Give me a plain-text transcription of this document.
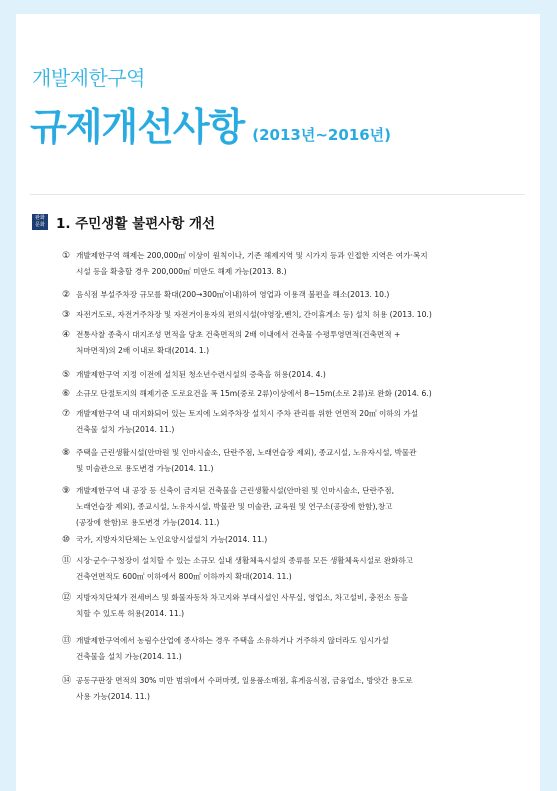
개발제한구역
규제개선사항 (2013년~2016년)
완화
문화 1. 주민생활 불편사항 개선
① 개발제한구역 해제는 200,000㎡ 이상이 원칙이나, 기존 해제지역 및 시가지 등과 인접한 지역은 여가·복지
시설 등을 확충할 경우 200,000㎡ 미만도 해제 가능(2013. 8.)
② 음식점 부설주차장 규모를 확대(200→300㎡이내)하여 영업과 이용객 불편을 해소(2013. 10.)
③ 자전거도로, 자전거주차장 및 자전거이용자의 편의시설(야영장,벤치, 간이휴게소 등) 설치 허용 (2013. 10.)
④ 전통사찰 종축시 대지조성 면적을 당초 건축면적의 2배 이내에서 건축물 수평투영면적(건축면적 +
처마면적)의 2배 이내로 확대(2014. 1.)
⑤ 개발제한구역 지정 이전에 설치된 청소년수련시설의 증축을 허용(2014. 4.)
⑥ 소규모 단절토지의 해제기준 도로요건을 폭 15m(중로 2류)이상에서 8~15m(소로 2류)로 완화 (2014. 6.)
⑦ 개발제한구역 내 대지화되어 있는 토지에 노외주차장 설치시 주차 관리를 위한 연면적 20㎡ 이하의 가설
건축물 설치 가능(2014. 11.)
⑧ 주택을 근린생활시설(안마원 및 인마시술소, 단란주점, 노래연습장 제외), 종교시설, 노유자시설, 박물관
및 미술관으로 용도변경 가능(2014. 11.)
⑨ 개발제한구역 내 공장 등 신축이 금지된 건축물을 근린생활시설(안마원 및 인마시술소, 단란주점,
노래연습장 제외), 종교시설, 노유자시설, 박물관 및 미술관, 교육원 및 연구소(공장에 한함),창고
(공장에 한함)로 용도변경 가능(2014. 11.)
⑩ 국가, 지방자치단체는 노인요양시설설치 가능(2014. 11.)
⑪ 시장·군수·구청장이 설치할 수 있는 소규모 실내 생활체육시설의 종류를 모든 생활체육시설로 완화하고
건축연면적도 600㎡ 이하에서 800㎡ 이하까지 확대(2014. 11.)
⑫ 지방자치단체가 전세버스 및 화물자동차 차고지와 부대시설인 사무실, 영업소, 차고설비, 충전소 등을
치할 수 있도록 허용(2014. 11.)
⑬ 개발제한구역에서 농림수산업에 종사하는 경우 주택을 소유하거나 거주하지 않더라도 임시가설
건축물을 설치 가능(2014. 11.)
⑭ 공동구판장 면적의 30% 미만 범위에서 수퍼마켓, 일용품소매점, 휴게음식점, 금융업소, 방앗간 용도로
사용 가능(2014. 11.)
